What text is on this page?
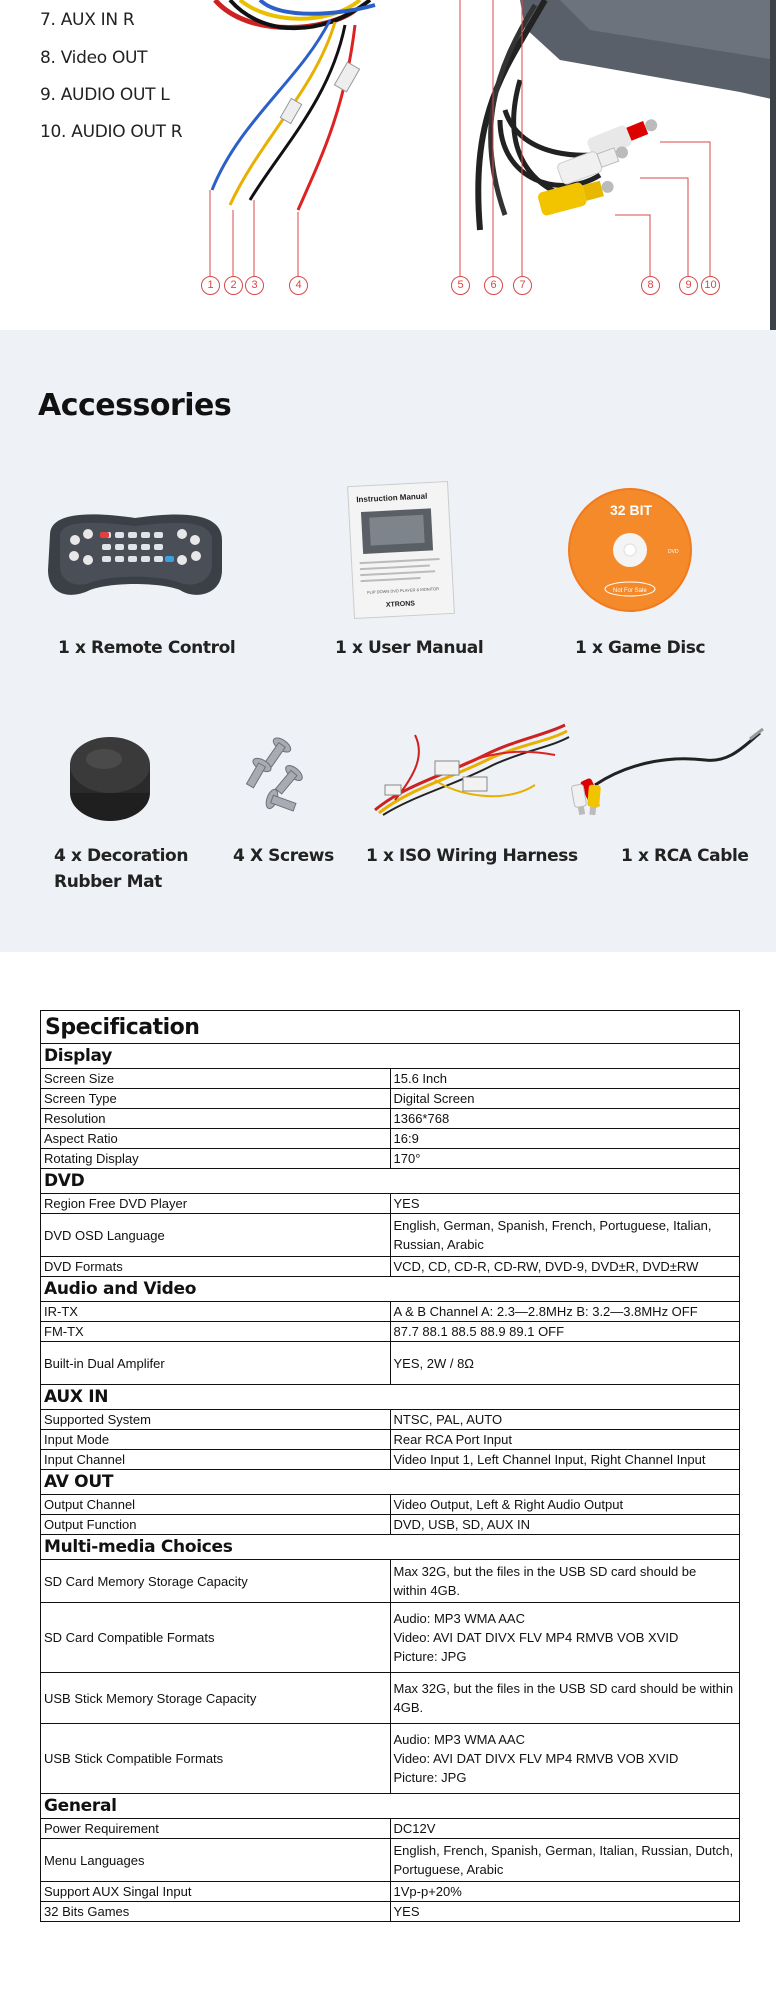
7. AUX IN R
8. Video OUT
9. AUDIO OUT L
10. AUDIO OUT R
1	2	3	4	5	6	7	8	9	10
Accessories
1 x Remote Control
Instruction Manual
FLIP DOWN DVD PLAYER & MONITOR
XTRONS
1 x User Manual
32 BIT
DVD
Not For Sale
1 x Game Disc
4 x Decoration
Rubber Mat
4 X Screws 1 x ISO Wiring Harness	1 x RCA Cable
Specification	
Display	
Screen Size	15.6 Inch

Screen Type	Digital Screen

Resolution	1366*768

Aspect Ratio	16:9

Rotating Display	170°

DVD	
Region Free DVD Player	YES

DVD OSD Language	English, German, Spanish, French, Portuguese, Italian,
Russian, Arabic

DVD Formats	VCD, CD, CD-R, CD-RW, DVD-9, DVD±R, DVD±RW

Audio and Video	
IR-TX	A & B Channel A: 2.3—2.8MHz B: 3.2—3.8MHz OFF

FM-TX	87.7 88.1 88.5 88.9 89.1 OFF

Built-in Dual Amplifer	YES, 2W / 8Ω

AUX IN	
Supported System	NTSC, PAL, AUTO

Input Mode	Rear RCA Port Input

Input Channel	Video Input 1, Left Channel Input, Right Channel Input

AV OUT	
Output Channel	Video Output, Left & Right Audio Output

Output Function	DVD, USB, SD, AUX IN

Multi-media Choices	
SD Card Memory Storage Capacity	Max 32G, but the files in the USB SD card should be
within 4GB.

SD Card Compatible Formats	Audio: MP3 WMA AAC
Video: AVI DAT DIVX FLV MP4 RMVB VOB XVID
Picture: JPG

USB Stick Memory Storage Capacity	Max 32G, but the files in the USB SD card should be within
4GB.

USB Stick Compatible Formats	Audio: MP3 WMA AAC
Video: AVI DAT DIVX FLV MP4 RMVB VOB XVID
Picture: JPG

General	
Power Requirement	DC12V

Menu Languages	English, French, Spanish, German, Italian, Russian, Dutch,
Portuguese, Arabic

Support AUX Singal Input	1Vp-p+20%

32 Bits Games	YES
